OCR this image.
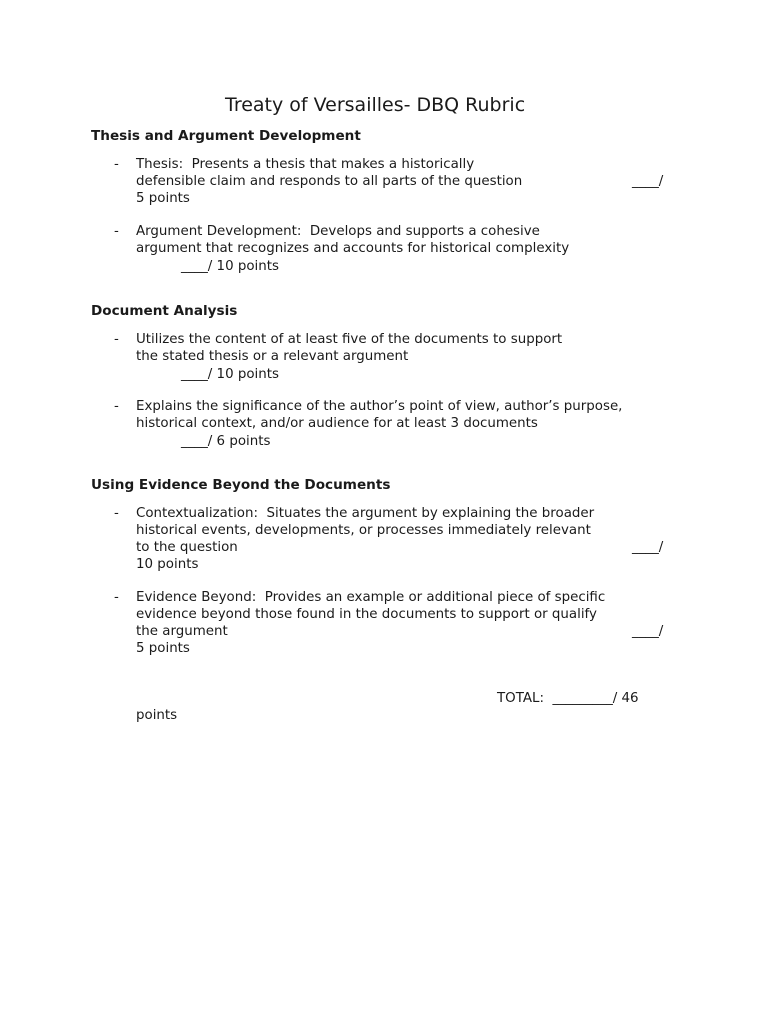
Treaty of Versailles- DBQ Rubric
Thesis and Argument Development
- Thesis:  Presents a thesis that makes a historically
defensible claim and responds to all parts of the question	____/
5 points
- Argument Development:  Develops and supports a cohesive
argument that recognizes and accounts for historical complexity
____/ 10 points
Document Analysis
- Utilizes the content of at least five of the documents to support
the stated thesis or a relevant argument
____/ 10 points
- Explains the significance of the author’s point of view, author’s purpose,
historical context, and/or audience for at least 3 documents
____/ 6 points
Using Evidence Beyond the Documents
- Contextualization:  Situates the argument by explaining the broader
historical events, developments, or processes immediately relevant
to the question	____/
10 points
- Evidence Beyond:  Provides an example or additional piece of specific
evidence beyond those found in the documents to support or qualify
the argument	____/
5 points
TOTAL:  _________/ 46
points
